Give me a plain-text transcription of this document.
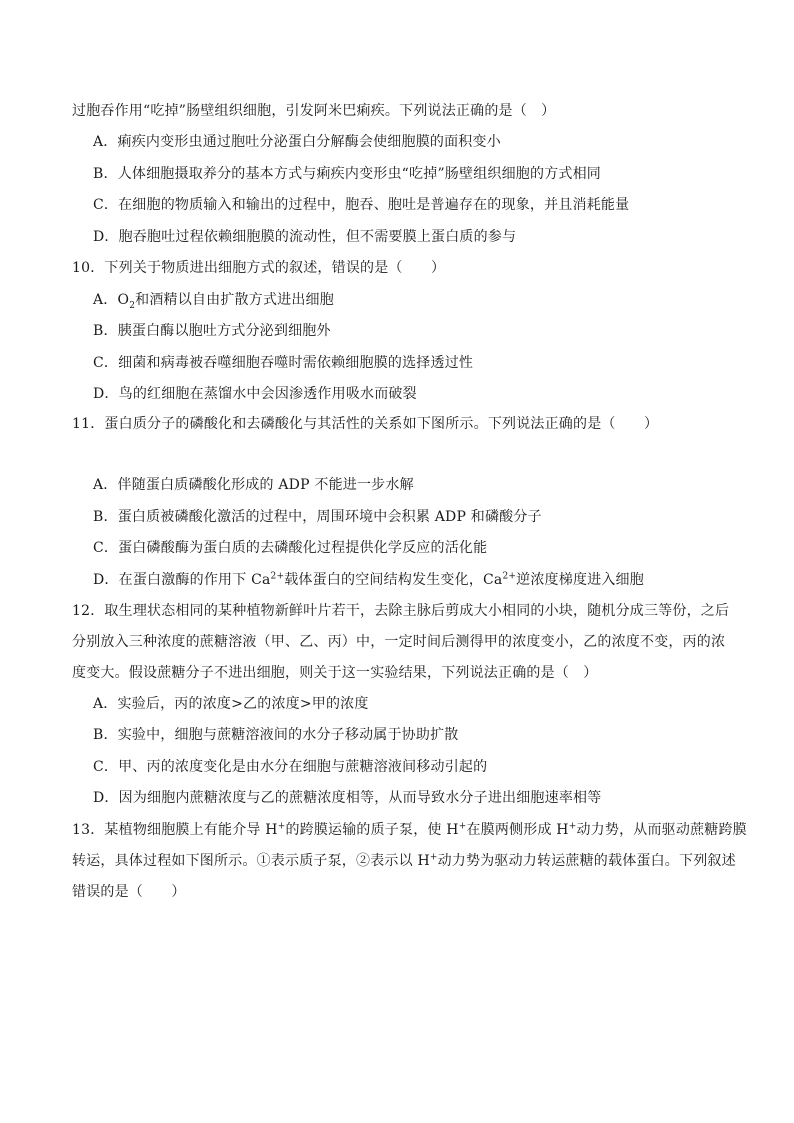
过胞吞作用“吃掉”肠壁组织细胞，引发阿米巴痢疾。下列说法正确的是（　）
A．痢疾内变形虫通过胞吐分泌蛋白分解酶会使细胞膜的面积变小
B．人体细胞摄取养分的基本方式与痢疾内变形虫“吃掉”肠壁组织细胞的方式相同
C．在细胞的物质输入和输出的过程中，胞吞、胞吐是普遍存在的现象，并且消耗能量
D．胞吞胞吐过程依赖细胞膜的流动性，但不需要膜上蛋白质的参与
10．下列关于物质进出细胞方式的叙述，错误的是（　　）
A．$O_2$和酒精以自由扩散方式进出细胞
B．胰蛋白酶以胞吐方式分泌到细胞外
C．细菌和病毒被吞噬细胞吞噬时需依赖细胞膜的选择透过性
D．鸟的红细胞在蒸馏水中会因渗透作用吸水而破裂
11．蛋白质分子的磷酸化和去磷酸化与其活性的关系如下图所示。下列说法正确的是（　　）
A．伴随蛋白质磷酸化形成的 ADP 不能进一步水解
B．蛋白质被磷酸化激活的过程中，周围环境中会积累 ADP 和磷酸分子
C．蛋白磷酸酶为蛋白质的去磷酸化过程提供化学反应的活化能
D．在蛋白激酶的作用下 $Ca^{2+}$载体蛋白的空间结构发生变化，$Ca^{2+}$逆浓度梯度进入细胞
12．取生理状态相同的某种植物新鲜叶片若干，去除主脉后剪成大小相同的小块，随机分成三等份，之后
分别放入三种浓度的蔗糖溶液（甲、乙、丙）中，一定时间后测得甲的浓度变小，乙的浓度不变，丙的浓
度变大。假设蔗糖分子不进出细胞，则关于这一实验结果，下列说法正确的是（　）
A．实验后，丙的浓度>乙的浓度>甲的浓度
B．实验中，细胞与蔗糖溶液间的水分子移动属于协助扩散
C．甲、丙的浓度变化是由水分在细胞与蔗糖溶液间移动引起的
D．因为细胞内蔗糖浓度与乙的蔗糖浓度相等，从而导致水分子进出细胞速率相等
13．某植物细胞膜上有能介导 H+的跨膜运输的质子泵，使 H+在膜两侧形成 H+动力势，从而驱动蔗糖跨膜
转运，具体过程如下图所示。①表示质子泵，②表示以 H+动力势为驱动力转运蔗糖的载体蛋白。下列叙述
错误的是（　　）
